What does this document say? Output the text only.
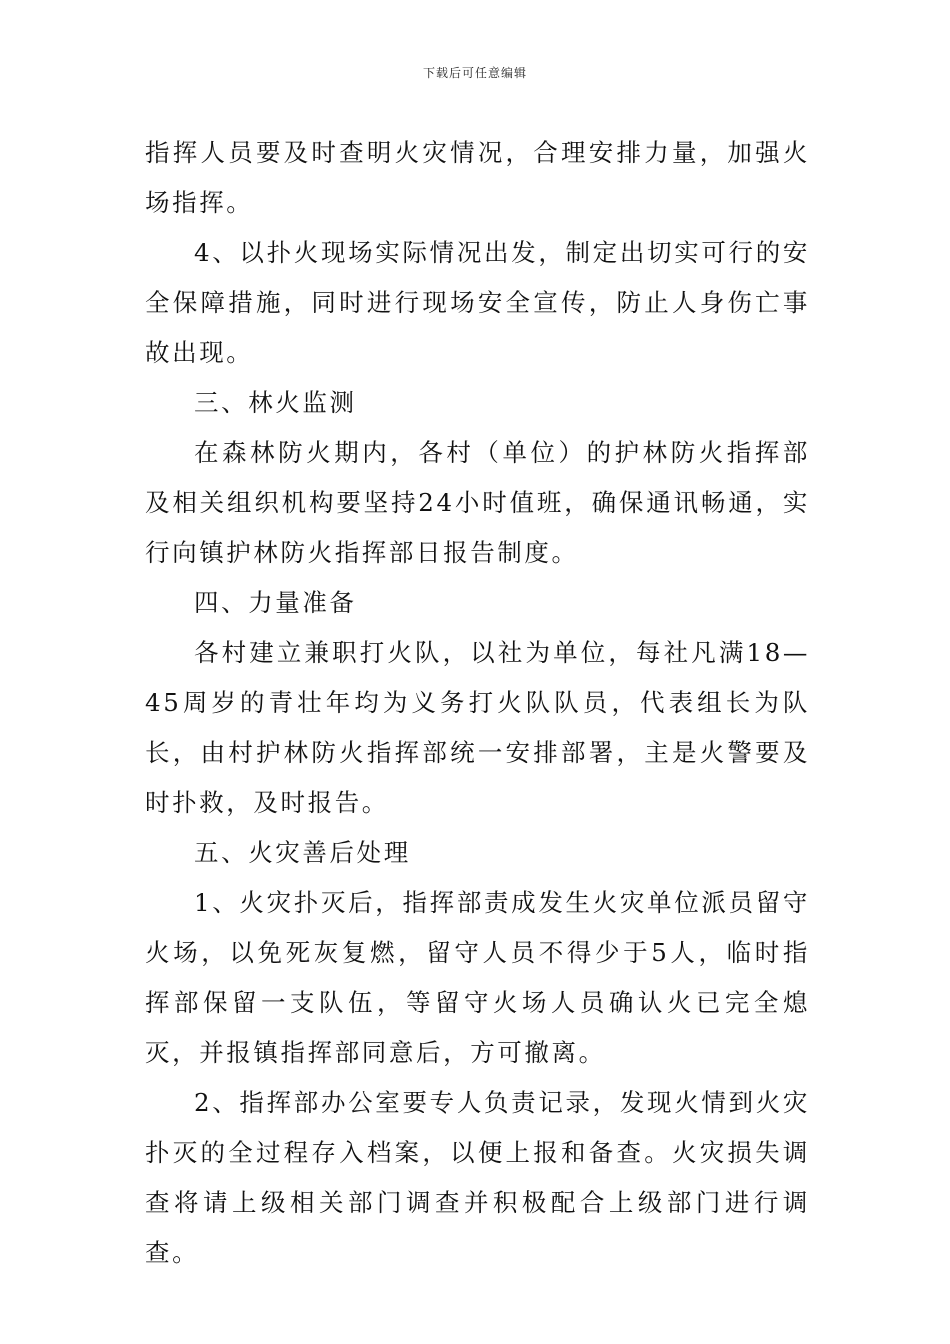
下载后可任意编辑

指挥人员要及时查明火灾情况，合理安排力量，加强火场指挥。

4、以扑火现场实际情况出发，制定出切实可行的安全保障措施，同时进行现场安全宣传，防止人身伤亡事故出现。

三、林火监测

在森林防火期内，各村（单位）的护林防火指挥部及相关组织机构要坚持24小时值班，确保通讯畅通，实行向镇护林防火指挥部日报告制度。

四、力量准备

各村建立兼职打火队，以社为单位，每社凡满18—45周岁的青壮年均为义务打火队队员，代表组长为队长，由村护林防火指挥部统一安排部署，主是火警要及时扑救，及时报告。

五、火灾善后处理

1、火灾扑灭后，指挥部责成发生火灾单位派员留守火场，以免死灰复燃，留守人员不得少于5人，临时指挥部保留一支队伍，等留守火场人员确认火已完全熄灭，并报镇指挥部同意后，方可撤离。

2、指挥部办公室要专人负责记录，发现火情到火灾扑灭的全过程存入档案，以便上报和备查。火灾损失调查将请上级相关部门调查并积极配合上级部门进行调查。
